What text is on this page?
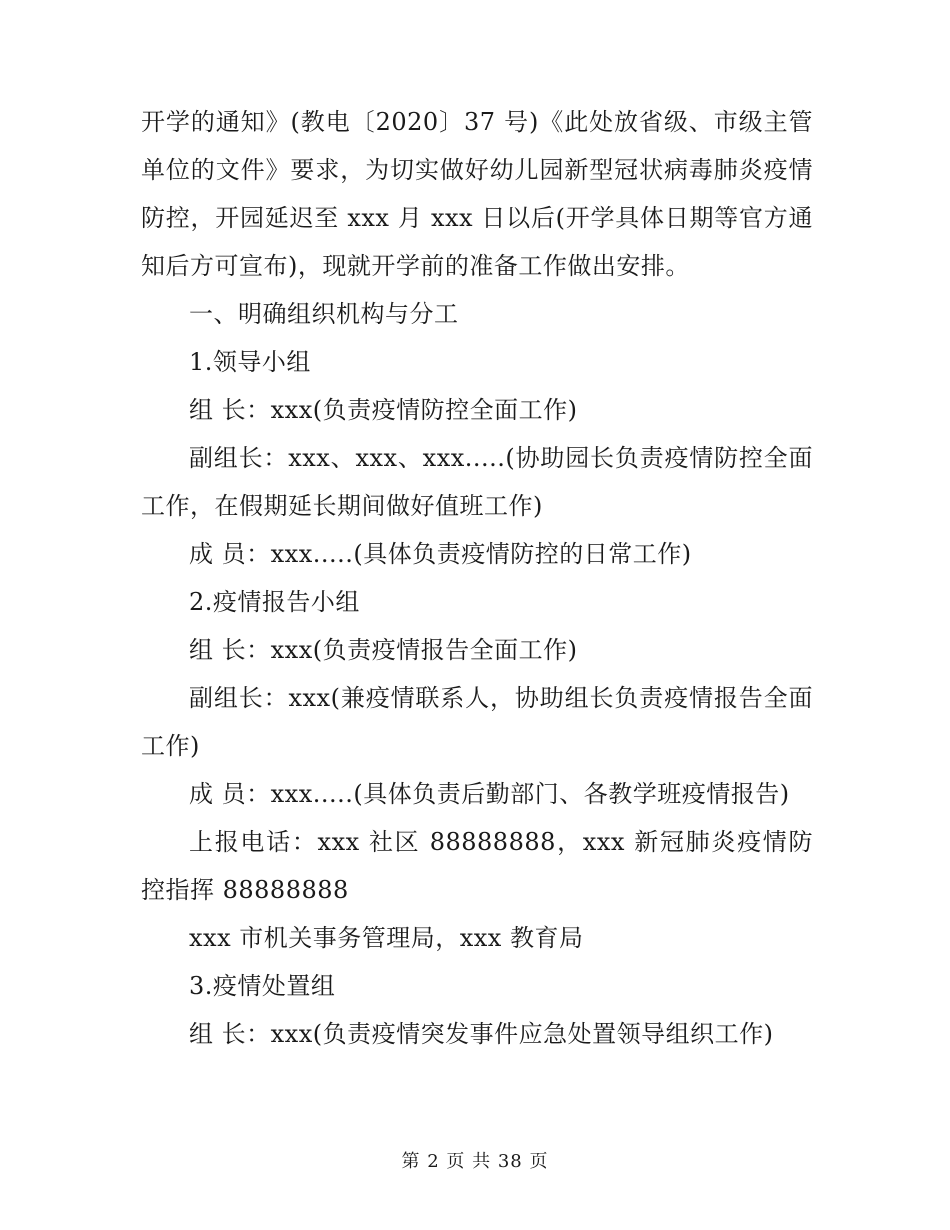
开学的通知》(教电〔2020〕37 号)《此处放省级、市级主管单位的文件》要求，为切实做好幼儿园新型冠状病毒肺炎疫情防控，开园延迟至 xxx 月 xxx 日以后(开学具体日期等官方通知后方可宣布)，现就开学前的准备工作做出安排。

一、明确组织机构与分工

1.领导小组

组 长：xxx(负责疫情防控全面工作)

副组长：xxx、xxx、xxx.....(协助园长负责疫情防控全面工作，在假期延长期间做好值班工作)

成 员：xxx.....(具体负责疫情防控的日常工作)

2.疫情报告小组

组 长：xxx(负责疫情报告全面工作)

副组长：xxx(兼疫情联系人，协助组长负责疫情报告全面工作)

成 员：xxx.....(具体负责后勤部门、各教学班疫情报告)

上报电话：xxx 社区 88888888，xxx 新冠肺炎疫情防控指挥 88888888

xxx 市机关事务管理局，xxx 教育局

3.疫情处置组

组 长：xxx(负责疫情突发事件应急处置领导组织工作)

第 2 页 共 38 页
